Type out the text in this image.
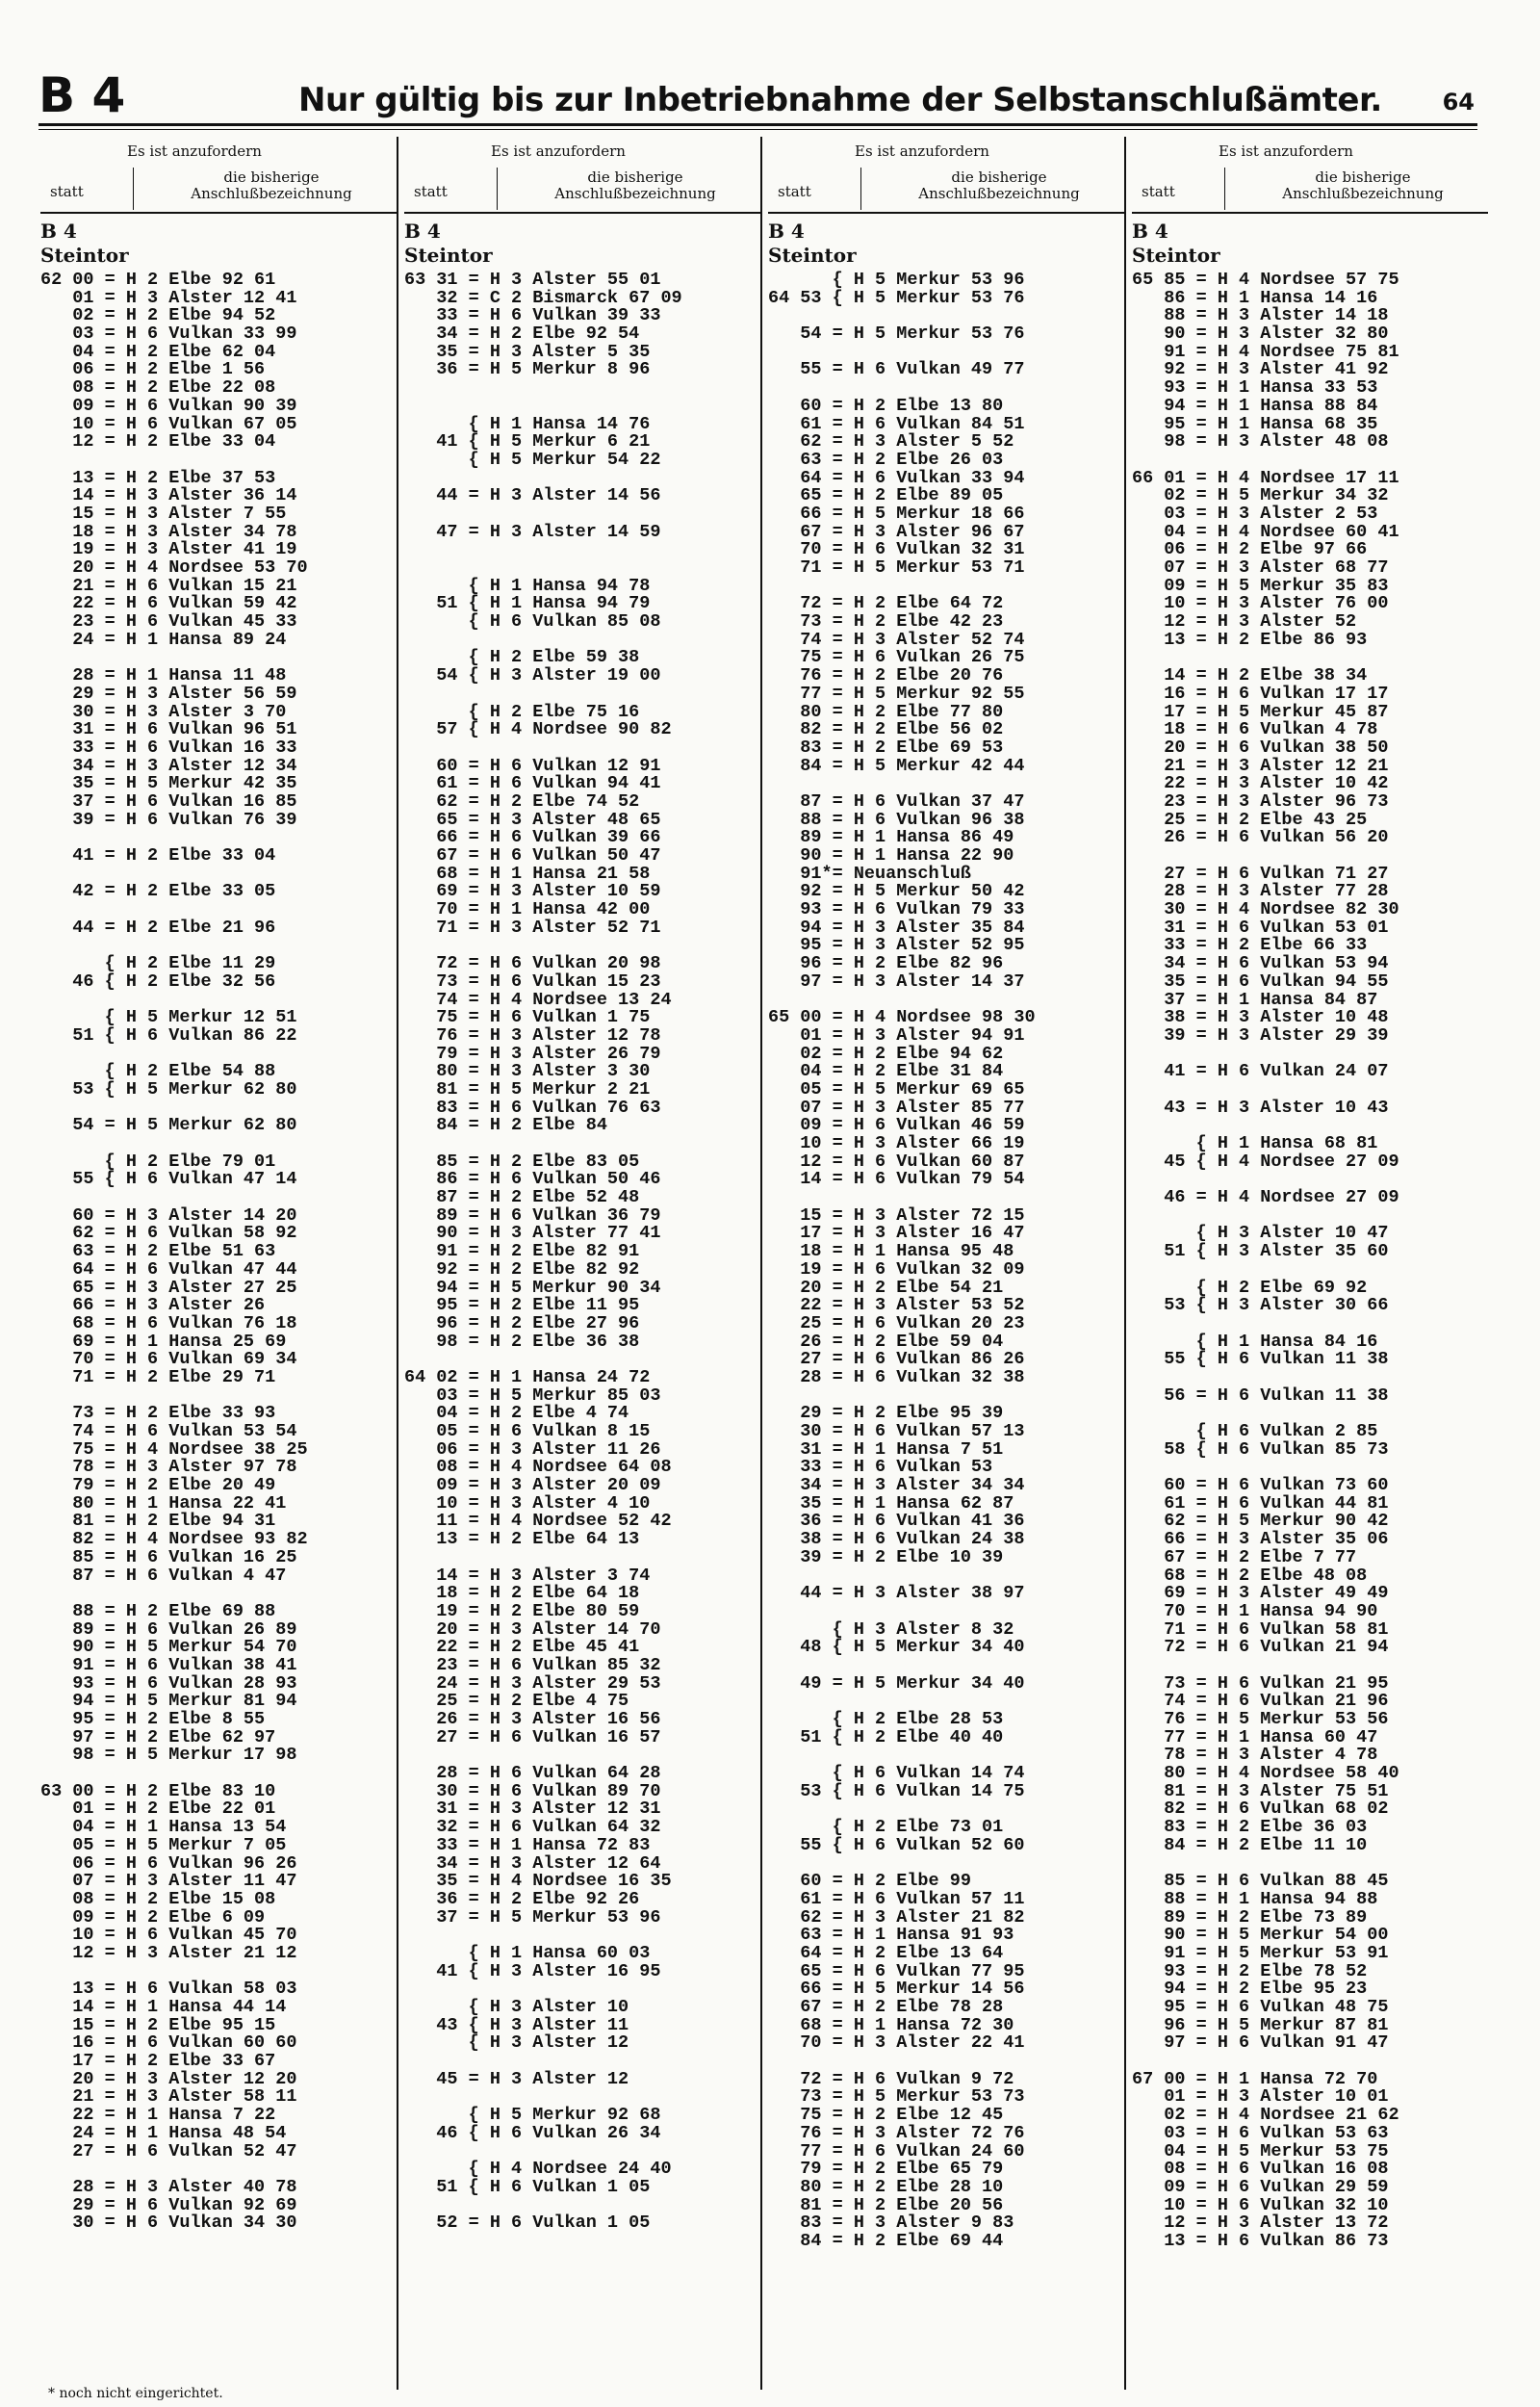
B 4	Nur gültig bis zur Inbetriebnahme der Selbstanschlußämter.	64
Es ist anzufordern
statt
die bisherige
Anschlußbezeichnung
B 4
Steintor
62 00 = H 2 Elbe 92 61
01 = H 3 Alster 12 41
02 = H 2 Elbe 94 52
03 = H 6 Vulkan 33 99
04 = H 2 Elbe 62 04
06 = H 2 Elbe 1 56
08 = H 2 Elbe 22 08
09 = H 6 Vulkan 90 39
10 = H 6 Vulkan 67 05
12 = H 2 Elbe 33 04
13 = H 2 Elbe 37 53
14 = H 3 Alster 36 14
15 = H 3 Alster 7 55
18 = H 3 Alster 34 78
19 = H 3 Alster 41 19
20 = H 4 Nordsee 53 70
21 = H 6 Vulkan 15 21
22 = H 6 Vulkan 59 42
23 = H 6 Vulkan 45 33
24 = H 1 Hansa 89 24
28 = H 1 Hansa 11 48
29 = H 3 Alster 56 59
30 = H 3 Alster 3 70
31 = H 6 Vulkan 96 51
33 = H 6 Vulkan 16 33
34 = H 3 Alster 12 34
35 = H 5 Merkur 42 35
37 = H 6 Vulkan 16 85
39 = H 6 Vulkan 76 39
41 = H 2 Elbe 33 04
42 = H 2 Elbe 33 05
44 = H 2 Elbe 21 96
{ H 2 Elbe 11 29
46 { H 2 Elbe 32 56
{ H 5 Merkur 12 51
51 { H 6 Vulkan 86 22
{ H 2 Elbe 54 88
53 { H 5 Merkur 62 80
54 = H 5 Merkur 62 80
{ H 2 Elbe 79 01
55 { H 6 Vulkan 47 14
60 = H 3 Alster 14 20
62 = H 6 Vulkan 58 92
63 = H 2 Elbe 51 63
64 = H 6 Vulkan 47 44
65 = H 3 Alster 27 25
66 = H 3 Alster 26
68 = H 6 Vulkan 76 18
69 = H 1 Hansa 25 69
70 = H 6 Vulkan 69 34
71 = H 2 Elbe 29 71
73 = H 2 Elbe 33 93
74 = H 6 Vulkan 53 54
75 = H 4 Nordsee 38 25
78 = H 3 Alster 97 78
79 = H 2 Elbe 20 49
80 = H 1 Hansa 22 41
81 = H 2 Elbe 94 31
82 = H 4 Nordsee 93 82
85 = H 6 Vulkan 16 25
87 = H 6 Vulkan 4 47
88 = H 2 Elbe 69 88
89 = H 6 Vulkan 26 89
90 = H 5 Merkur 54 70
91 = H 6 Vulkan 38 41
93 = H 6 Vulkan 28 93
94 = H 5 Merkur 81 94
95 = H 2 Elbe 8 55
97 = H 2 Elbe 62 97
98 = H 5 Merkur 17 98
63 00 = H 2 Elbe 83 10
01 = H 2 Elbe 22 01
04 = H 1 Hansa 13 54
05 = H 5 Merkur 7 05
06 = H 6 Vulkan 96 26
07 = H 3 Alster 11 47
08 = H 2 Elbe 15 08
09 = H 2 Elbe 6 09
10 = H 6 Vulkan 45 70
12 = H 3 Alster 21 12
13 = H 6 Vulkan 58 03
14 = H 1 Hansa 44 14
15 = H 2 Elbe 95 15
16 = H 6 Vulkan 60 60
17 = H 2 Elbe 33 67
20 = H 3 Alster 12 20
21 = H 3 Alster 58 11
22 = H 1 Hansa 7 22
24 = H 1 Hansa 48 54
27 = H 6 Vulkan 52 47
28 = H 3 Alster 40 78
29 = H 6 Vulkan 92 69
30 = H 6 Vulkan 34 30
Es ist anzufordern
statt
die bisherige
Anschlußbezeichnung
B 4
Steintor
63 31 = H 3 Alster 55 01
32 = C 2 Bismarck 67 09
33 = H 6 Vulkan 39 33
34 = H 2 Elbe 92 54
35 = H 3 Alster 5 35
36 = H 5 Merkur 8 96
{ H 1 Hansa 14 76
41 { H 5 Merkur 6 21
{ H 5 Merkur 54 22
44 = H 3 Alster 14 56
47 = H 3 Alster 14 59
{ H 1 Hansa 94 78
51 { H 1 Hansa 94 79
{ H 6 Vulkan 85 08
{ H 2 Elbe 59 38
54 { H 3 Alster 19 00
{ H 2 Elbe 75 16
57 { H 4 Nordsee 90 82
60 = H 6 Vulkan 12 91
61 = H 6 Vulkan 94 41
62 = H 2 Elbe 74 52
65 = H 3 Alster 48 65
66 = H 6 Vulkan 39 66
67 = H 6 Vulkan 50 47
68 = H 1 Hansa 21 58
69 = H 3 Alster 10 59
70 = H 1 Hansa 42 00
71 = H 3 Alster 52 71
72 = H 6 Vulkan 20 98
73 = H 6 Vulkan 15 23
74 = H 4 Nordsee 13 24
75 = H 6 Vulkan 1 75
76 = H 3 Alster 12 78
79 = H 3 Alster 26 79
80 = H 3 Alster 3 30
81 = H 5 Merkur 2 21
83 = H 6 Vulkan 76 63
84 = H 2 Elbe 84
85 = H 2 Elbe 83 05
86 = H 6 Vulkan 50 46
87 = H 2 Elbe 52 48
89 = H 6 Vulkan 36 79
90 = H 3 Alster 77 41
91 = H 2 Elbe 82 91
92 = H 2 Elbe 82 92
94 = H 5 Merkur 90 34
95 = H 2 Elbe 11 95
96 = H 2 Elbe 27 96
98 = H 2 Elbe 36 38
64 02 = H 1 Hansa 24 72
03 = H 5 Merkur 85 03
04 = H 2 Elbe 4 74
05 = H 6 Vulkan 8 15
06 = H 3 Alster 11 26
08 = H 4 Nordsee 64 08
09 = H 3 Alster 20 09
10 = H 3 Alster 4 10
11 = H 4 Nordsee 52 42
13 = H 2 Elbe 64 13
14 = H 3 Alster 3 74
18 = H 2 Elbe 64 18
19 = H 2 Elbe 80 59
20 = H 3 Alster 14 70
22 = H 2 Elbe 45 41
23 = H 6 Vulkan 85 32
24 = H 3 Alster 29 53
25 = H 2 Elbe 4 75
26 = H 3 Alster 16 56
27 = H 6 Vulkan 16 57
28 = H 6 Vulkan 64 28
30 = H 6 Vulkan 89 70
31 = H 3 Alster 12 31
32 = H 6 Vulkan 64 32
33 = H 1 Hansa 72 83
34 = H 3 Alster 12 64
35 = H 4 Nordsee 16 35
36 = H 2 Elbe 92 26
37 = H 5 Merkur 53 96
{ H 1 Hansa 60 03
41 { H 3 Alster 16 95
{ H 3 Alster 10
43 { H 3 Alster 11
{ H 3 Alster 12
45 = H 3 Alster 12
{ H 5 Merkur 92 68
46 { H 6 Vulkan 26 34
{ H 4 Nordsee 24 40
51 { H 6 Vulkan 1 05
52 = H 6 Vulkan 1 05
Es ist anzufordern
statt
die bisherige
Anschlußbezeichnung
B 4
Steintor
{ H 5 Merkur 53 96
64 53 { H 5 Merkur 53 76
54 = H 5 Merkur 53 76
55 = H 6 Vulkan 49 77
60 = H 2 Elbe 13 80
61 = H 6 Vulkan 84 51
62 = H 3 Alster 5 52
63 = H 2 Elbe 26 03
64 = H 6 Vulkan 33 94
65 = H 2 Elbe 89 05
66 = H 5 Merkur 18 66
67 = H 3 Alster 96 67
70 = H 6 Vulkan 32 31
71 = H 5 Merkur 53 71
72 = H 2 Elbe 64 72
73 = H 2 Elbe 42 23
74 = H 3 Alster 52 74
75 = H 6 Vulkan 26 75
76 = H 2 Elbe 20 76
77 = H 5 Merkur 92 55
80 = H 2 Elbe 77 80
82 = H 2 Elbe 56 02
83 = H 2 Elbe 69 53
84 = H 5 Merkur 42 44
87 = H 6 Vulkan 37 47
88 = H 6 Vulkan 96 38
89 = H 1 Hansa 86 49
90 = H 1 Hansa 22 90
91*= Neuanschluß
92 = H 5 Merkur 50 42
93 = H 6 Vulkan 79 33
94 = H 3 Alster 35 84
95 = H 3 Alster 52 95
96 = H 2 Elbe 82 96
97 = H 3 Alster 14 37
65 00 = H 4 Nordsee 98 30
01 = H 3 Alster 94 91
02 = H 2 Elbe 94 62
04 = H 2 Elbe 31 84
05 = H 5 Merkur 69 65
07 = H 3 Alster 85 77
09 = H 6 Vulkan 46 59
10 = H 3 Alster 66 19
12 = H 6 Vulkan 60 87
14 = H 6 Vulkan 79 54
15 = H 3 Alster 72 15
17 = H 3 Alster 16 47
18 = H 1 Hansa 95 48
19 = H 6 Vulkan 32 09
20 = H 2 Elbe 54 21
22 = H 3 Alster 53 52
25 = H 6 Vulkan 20 23
26 = H 2 Elbe 59 04
27 = H 6 Vulkan 86 26
28 = H 6 Vulkan 32 38
29 = H 2 Elbe 95 39
30 = H 6 Vulkan 57 13
31 = H 1 Hansa 7 51
33 = H 6 Vulkan 53
34 = H 3 Alster 34 34
35 = H 1 Hansa 62 87
36 = H 6 Vulkan 41 36
38 = H 6 Vulkan 24 38
39 = H 2 Elbe 10 39
44 = H 3 Alster 38 97
{ H 3 Alster 8 32
48 { H 5 Merkur 34 40
49 = H 5 Merkur 34 40
{ H 2 Elbe 28 53
51 { H 2 Elbe 40 40
{ H 6 Vulkan 14 74
53 { H 6 Vulkan 14 75
{ H 2 Elbe 73 01
55 { H 6 Vulkan 52 60
60 = H 2 Elbe 99
61 = H 6 Vulkan 57 11
62 = H 3 Alster 21 82
63 = H 1 Hansa 91 93
64 = H 2 Elbe 13 64
65 = H 6 Vulkan 77 95
66 = H 5 Merkur 14 56
67 = H 2 Elbe 78 28
68 = H 1 Hansa 72 30
70 = H 3 Alster 22 41
72 = H 6 Vulkan 9 72
73 = H 5 Merkur 53 73
75 = H 2 Elbe 12 45
76 = H 3 Alster 72 76
77 = H 6 Vulkan 24 60
79 = H 2 Elbe 65 79
80 = H 2 Elbe 28 10
81 = H 2 Elbe 20 56
83 = H 3 Alster 9 83
84 = H 2 Elbe 69 44
Es ist anzufordern
statt
die bisherige
Anschlußbezeichnung
B 4
Steintor
65 85 = H 4 Nordsee 57 75
86 = H 1 Hansa 14 16
88 = H 3 Alster 14 18
90 = H 3 Alster 32 80
91 = H 4 Nordsee 75 81
92 = H 3 Alster 41 92
93 = H 1 Hansa 33 53
94 = H 1 Hansa 88 84
95 = H 1 Hansa 68 35
98 = H 3 Alster 48 08
66 01 = H 4 Nordsee 17 11
02 = H 5 Merkur 34 32
03 = H 3 Alster 2 53
04 = H 4 Nordsee 60 41
06 = H 2 Elbe 97 66
07 = H 3 Alster 68 77
09 = H 5 Merkur 35 83
10 = H 3 Alster 76 00
12 = H 3 Alster 52
13 = H 2 Elbe 86 93
14 = H 2 Elbe 38 34
16 = H 6 Vulkan 17 17
17 = H 5 Merkur 45 87
18 = H 6 Vulkan 4 78
20 = H 6 Vulkan 38 50
21 = H 3 Alster 12 21
22 = H 3 Alster 10 42
23 = H 3 Alster 96 73
25 = H 2 Elbe 43 25
26 = H 6 Vulkan 56 20
27 = H 6 Vulkan 71 27
28 = H 3 Alster 77 28
30 = H 4 Nordsee 82 30
31 = H 6 Vulkan 53 01
33 = H 2 Elbe 66 33
34 = H 6 Vulkan 53 94
35 = H 6 Vulkan 94 55
37 = H 1 Hansa 84 87
38 = H 3 Alster 10 48
39 = H 3 Alster 29 39
41 = H 6 Vulkan 24 07
43 = H 3 Alster 10 43
{ H 1 Hansa 68 81
45 { H 4 Nordsee 27 09
46 = H 4 Nordsee 27 09
{ H 3 Alster 10 47
51 { H 3 Alster 35 60
{ H 2 Elbe 69 92
53 { H 3 Alster 30 66
{ H 1 Hansa 84 16
55 { H 6 Vulkan 11 38
56 = H 6 Vulkan 11 38
{ H 6 Vulkan 2 85
58 { H 6 Vulkan 85 73
60 = H 6 Vulkan 73 60
61 = H 6 Vulkan 44 81
62 = H 5 Merkur 90 42
66 = H 3 Alster 35 06
67 = H 2 Elbe 7 77
68 = H 2 Elbe 48 08
69 = H 3 Alster 49 49
70 = H 1 Hansa 94 90
71 = H 6 Vulkan 58 81
72 = H 6 Vulkan 21 94
73 = H 6 Vulkan 21 95
74 = H 6 Vulkan 21 96
76 = H 5 Merkur 53 56
77 = H 1 Hansa 60 47
78 = H 3 Alster 4 78
80 = H 4 Nordsee 58 40
81 = H 3 Alster 75 51
82 = H 6 Vulkan 68 02
83 = H 2 Elbe 36 03
84 = H 2 Elbe 11 10
85 = H 6 Vulkan 88 45
88 = H 1 Hansa 94 88
89 = H 2 Elbe 73 89
90 = H 5 Merkur 54 00
91 = H 5 Merkur 53 91
93 = H 2 Elbe 78 52
94 = H 2 Elbe 95 23
95 = H 6 Vulkan 48 75
96 = H 5 Merkur 87 81
97 = H 6 Vulkan 91 47
67 00 = H 1 Hansa 72 70
01 = H 3 Alster 10 01
02 = H 4 Nordsee 21 62
03 = H 6 Vulkan 53 63
04 = H 5 Merkur 53 75
08 = H 6 Vulkan 16 08
09 = H 6 Vulkan 29 59
10 = H 6 Vulkan 32 10
12 = H 3 Alster 13 72
13 = H 6 Vulkan 86 73
* noch nicht eingerichtet.
